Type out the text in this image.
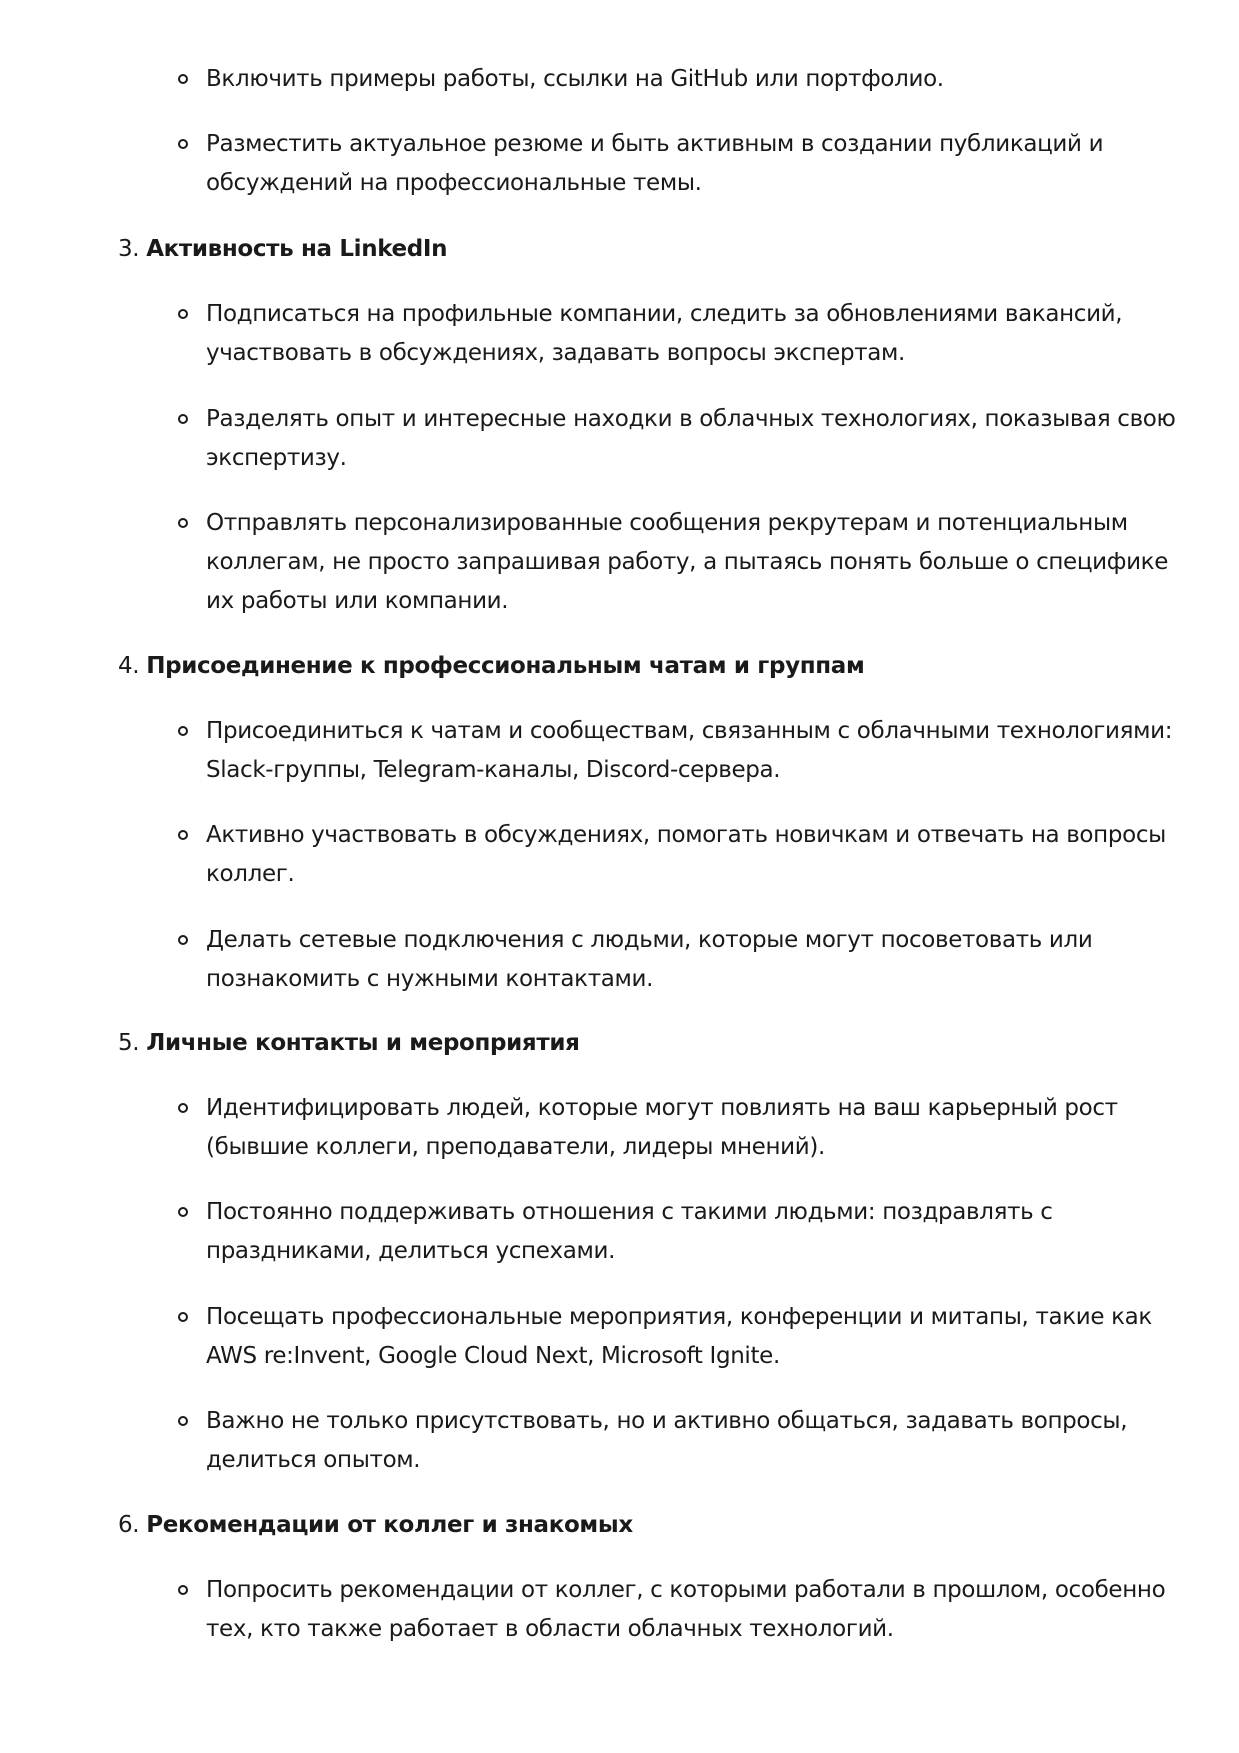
Включить примеры работы, ссылки на GitHub или портфолио.

Разместить актуальное резюме и быть активным в создании публикаций и

обсуждений на профессиональные темы.

3. Активность на LinkedIn

Подписаться на профильные компании, следить за обновлениями вакансий,

участвовать в обсуждениях, задавать вопросы экспертам.

Разделять опыт и интересные находки в облачных технологиях, показывая свою

экспертизу.

Отправлять персонализированные сообщения рекрутерам и потенциальным

коллегам, не просто запрашивая работу, а пытаясь понять больше о специфике

их работы или компании.

4. Присоединение к профессиональным чатам и группам

Присоединиться к чатам и сообществам, связанным с облачными технологиями:

Slack-группы, Telegram-каналы, Discord-сервера.

Активно участвовать в обсуждениях, помогать новичкам и отвечать на вопросы

коллег.

Делать сетевые подключения с людьми, которые могут посоветовать или

познакомить с нужными контактами.

5. Личные контакты и мероприятия

Идентифицировать людей, которые могут повлиять на ваш карьерный рост

(бывшие коллеги, преподаватели, лидеры мнений).

Постоянно поддерживать отношения с такими людьми: поздравлять с

праздниками, делиться успехами.

Посещать профессиональные мероприятия, конференции и митапы, такие как

AWS re:Invent, Google Cloud Next, Microsoft Ignite.

Важно не только присутствовать, но и активно общаться, задавать вопросы,

делиться опытом.

6. Рекомендации от коллег и знакомых

Попросить рекомендации от коллег, с которыми работали в прошлом, особенно

тех, кто также работает в области облачных технологий.
